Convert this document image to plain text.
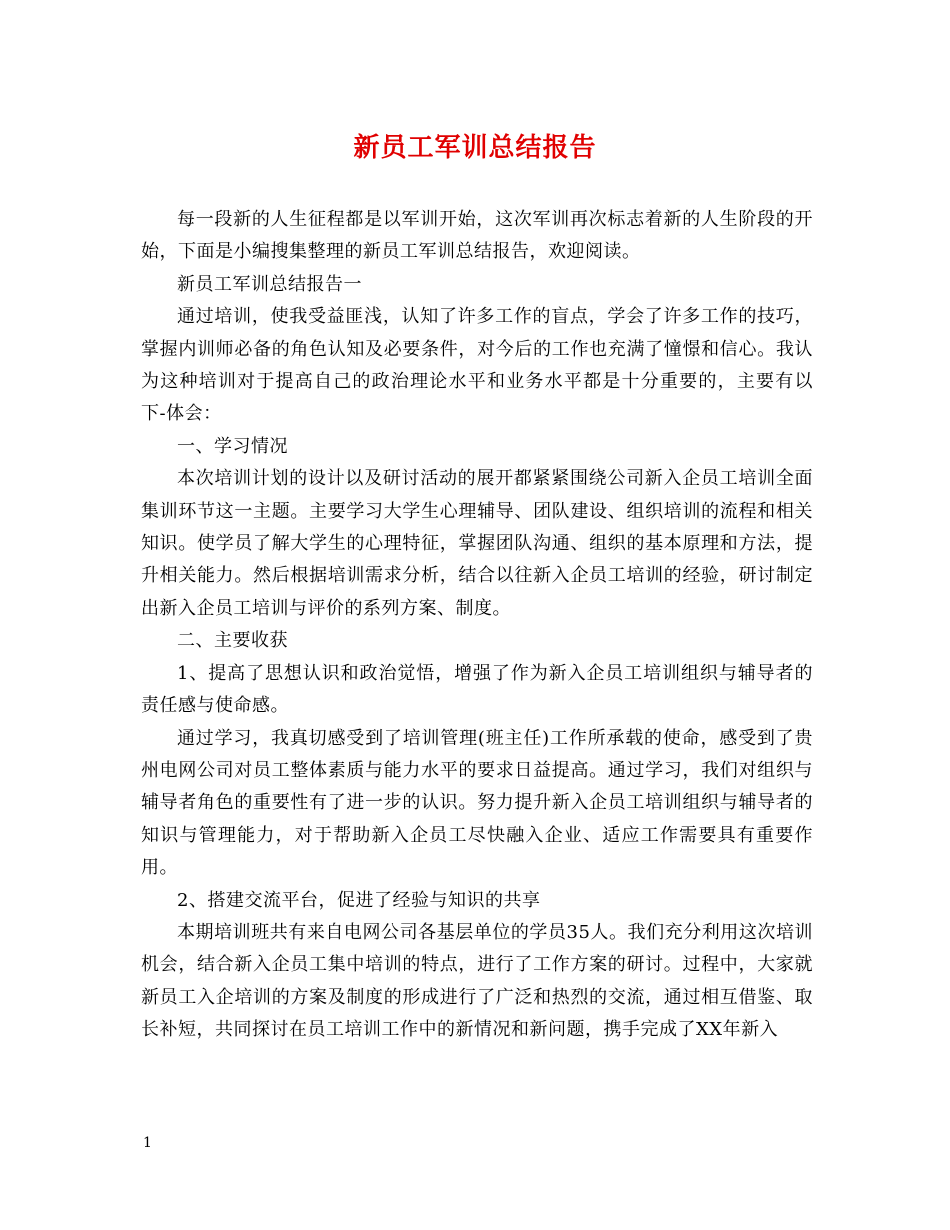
新员工军训总结报告

每一段新的人生征程都是以军训开始，这次军训再次标志着新的人生阶段的开始，下面是小编搜集整理的新员工军训总结报告，欢迎阅读。

新员工军训总结报告一

通过培训，使我受益匪浅，认知了许多工作的盲点，学会了许多工作的技巧，掌握内训师必备的角色认知及必要条件，对今后的工作也充满了憧憬和信心。我认为这种培训对于提高自己的政治理论水平和业务水平都是十分重要的，主要有以下-体会：

一、学习情况

本次培训计划的设计以及研讨活动的展开都紧紧围绕公司新入企员工培训全面集训环节这一主题。主要学习大学生心理辅导、团队建设、组织培训的流程和相关知识。使学员了解大学生的心理特征，掌握团队沟通、组织的基本原理和方法，提升相关能力。然后根据培训需求分析，结合以往新入企员工培训的经验，研讨制定出新入企员工培训与评价的系列方案、制度。

二、主要收获

1、提高了思想认识和政治觉悟，增强了作为新入企员工培训组织与辅导者的责任感与使命感。

通过学习，我真切感受到了培训管理(班主任)工作所承载的使命，感受到了贵州电网公司对员工整体素质与能力水平的要求日益提高。通过学习，我们对组织与辅导者角色的重要性有了进一步的认识。努力提升新入企员工培训组织与辅导者的知识与管理能力，对于帮助新入企员工尽快融入企业、适应工作需要具有重要作用。

2、搭建交流平台，促进了经验与知识的共享

本期培训班共有来自电网公司各基层单位的学员35人。我们充分利用这次培训机会，结合新入企员工集中培训的特点，进行了工作方案的研讨。过程中，大家就新员工入企培训的方案及制度的形成进行了广泛和热烈的交流，通过相互借鉴、取长补短，共同探讨在员工培训工作中的新情况和新问题，携手完成了XX年新入

1
